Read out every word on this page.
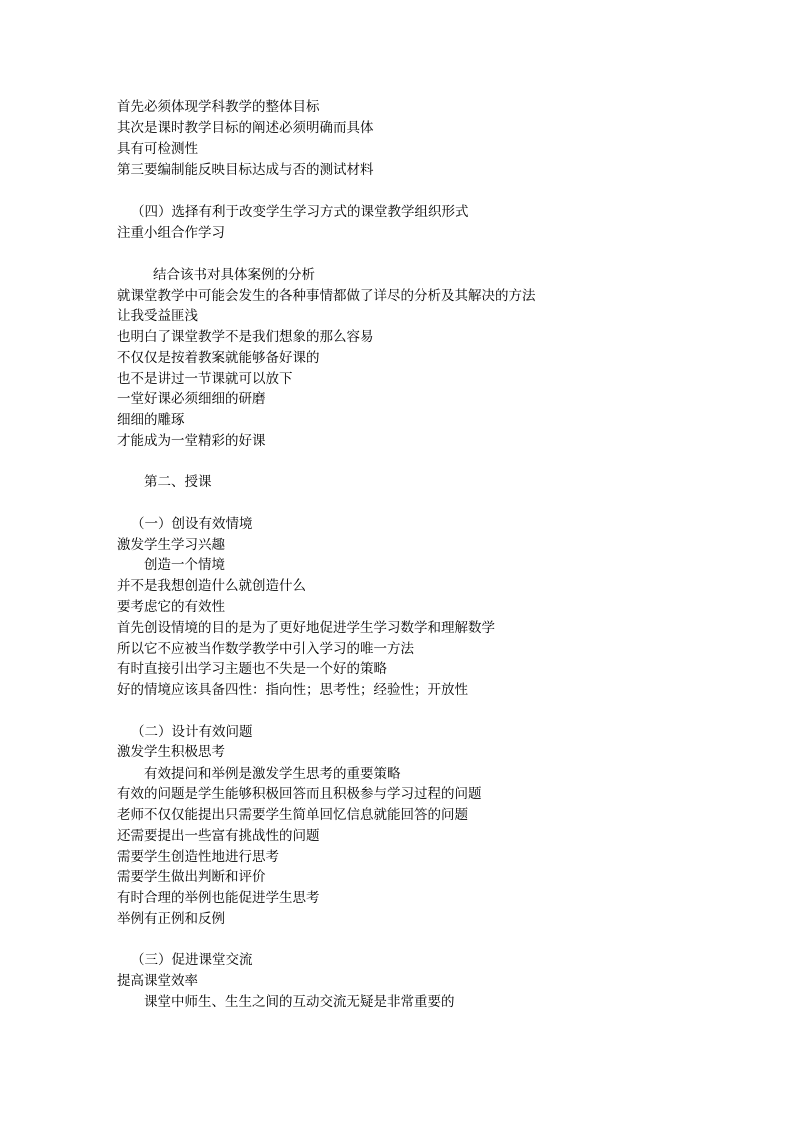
首先必须体现学科教学的整体目标
其次是课时教学目标的阐述必须明确而具体
具有可检测性
第三要编制能反映目标达成与否的测试材料
（四）选择有利于改变学生学习方式的课堂教学组织形式
注重小组合作学习
结合该书对具体案例的分析
就课堂教学中可能会发生的各种事情都做了详尽的分析及其解决的方法
让我受益匪浅
也明白了课堂教学不是我们想象的那么容易
不仅仅是按着教案就能够备好课的
也不是讲过一节课就可以放下
一堂好课必须细细的研磨
细细的雕琢
才能成为一堂精彩的好课
第二、授课
（一）创设有效情境
激发学生学习兴趣
创造一个情境
并不是我想创造什么就创造什么
要考虑它的有效性
首先创设情境的目的是为了更好地促进学生学习数学和理解数学
所以它不应被当作数学教学中引入学习的唯一方法
有时直接引出学习主题也不失是一个好的策略
好的情境应该具备四性：指向性；思考性；经验性；开放性
（二）设计有效问题
激发学生积极思考
有效提问和举例是激发学生思考的重要策略
有效的问题是学生能够积极回答而且积极参与学习过程的问题
老师不仅仅能提出只需要学生简单回忆信息就能回答的问题
还需要提出一些富有挑战性的问题
需要学生创造性地进行思考
需要学生做出判断和评价
有时合理的举例也能促进学生思考
举例有正例和反例
（三）促进课堂交流
提高课堂效率
课堂中师生、生生之间的互动交流无疑是非常重要的
